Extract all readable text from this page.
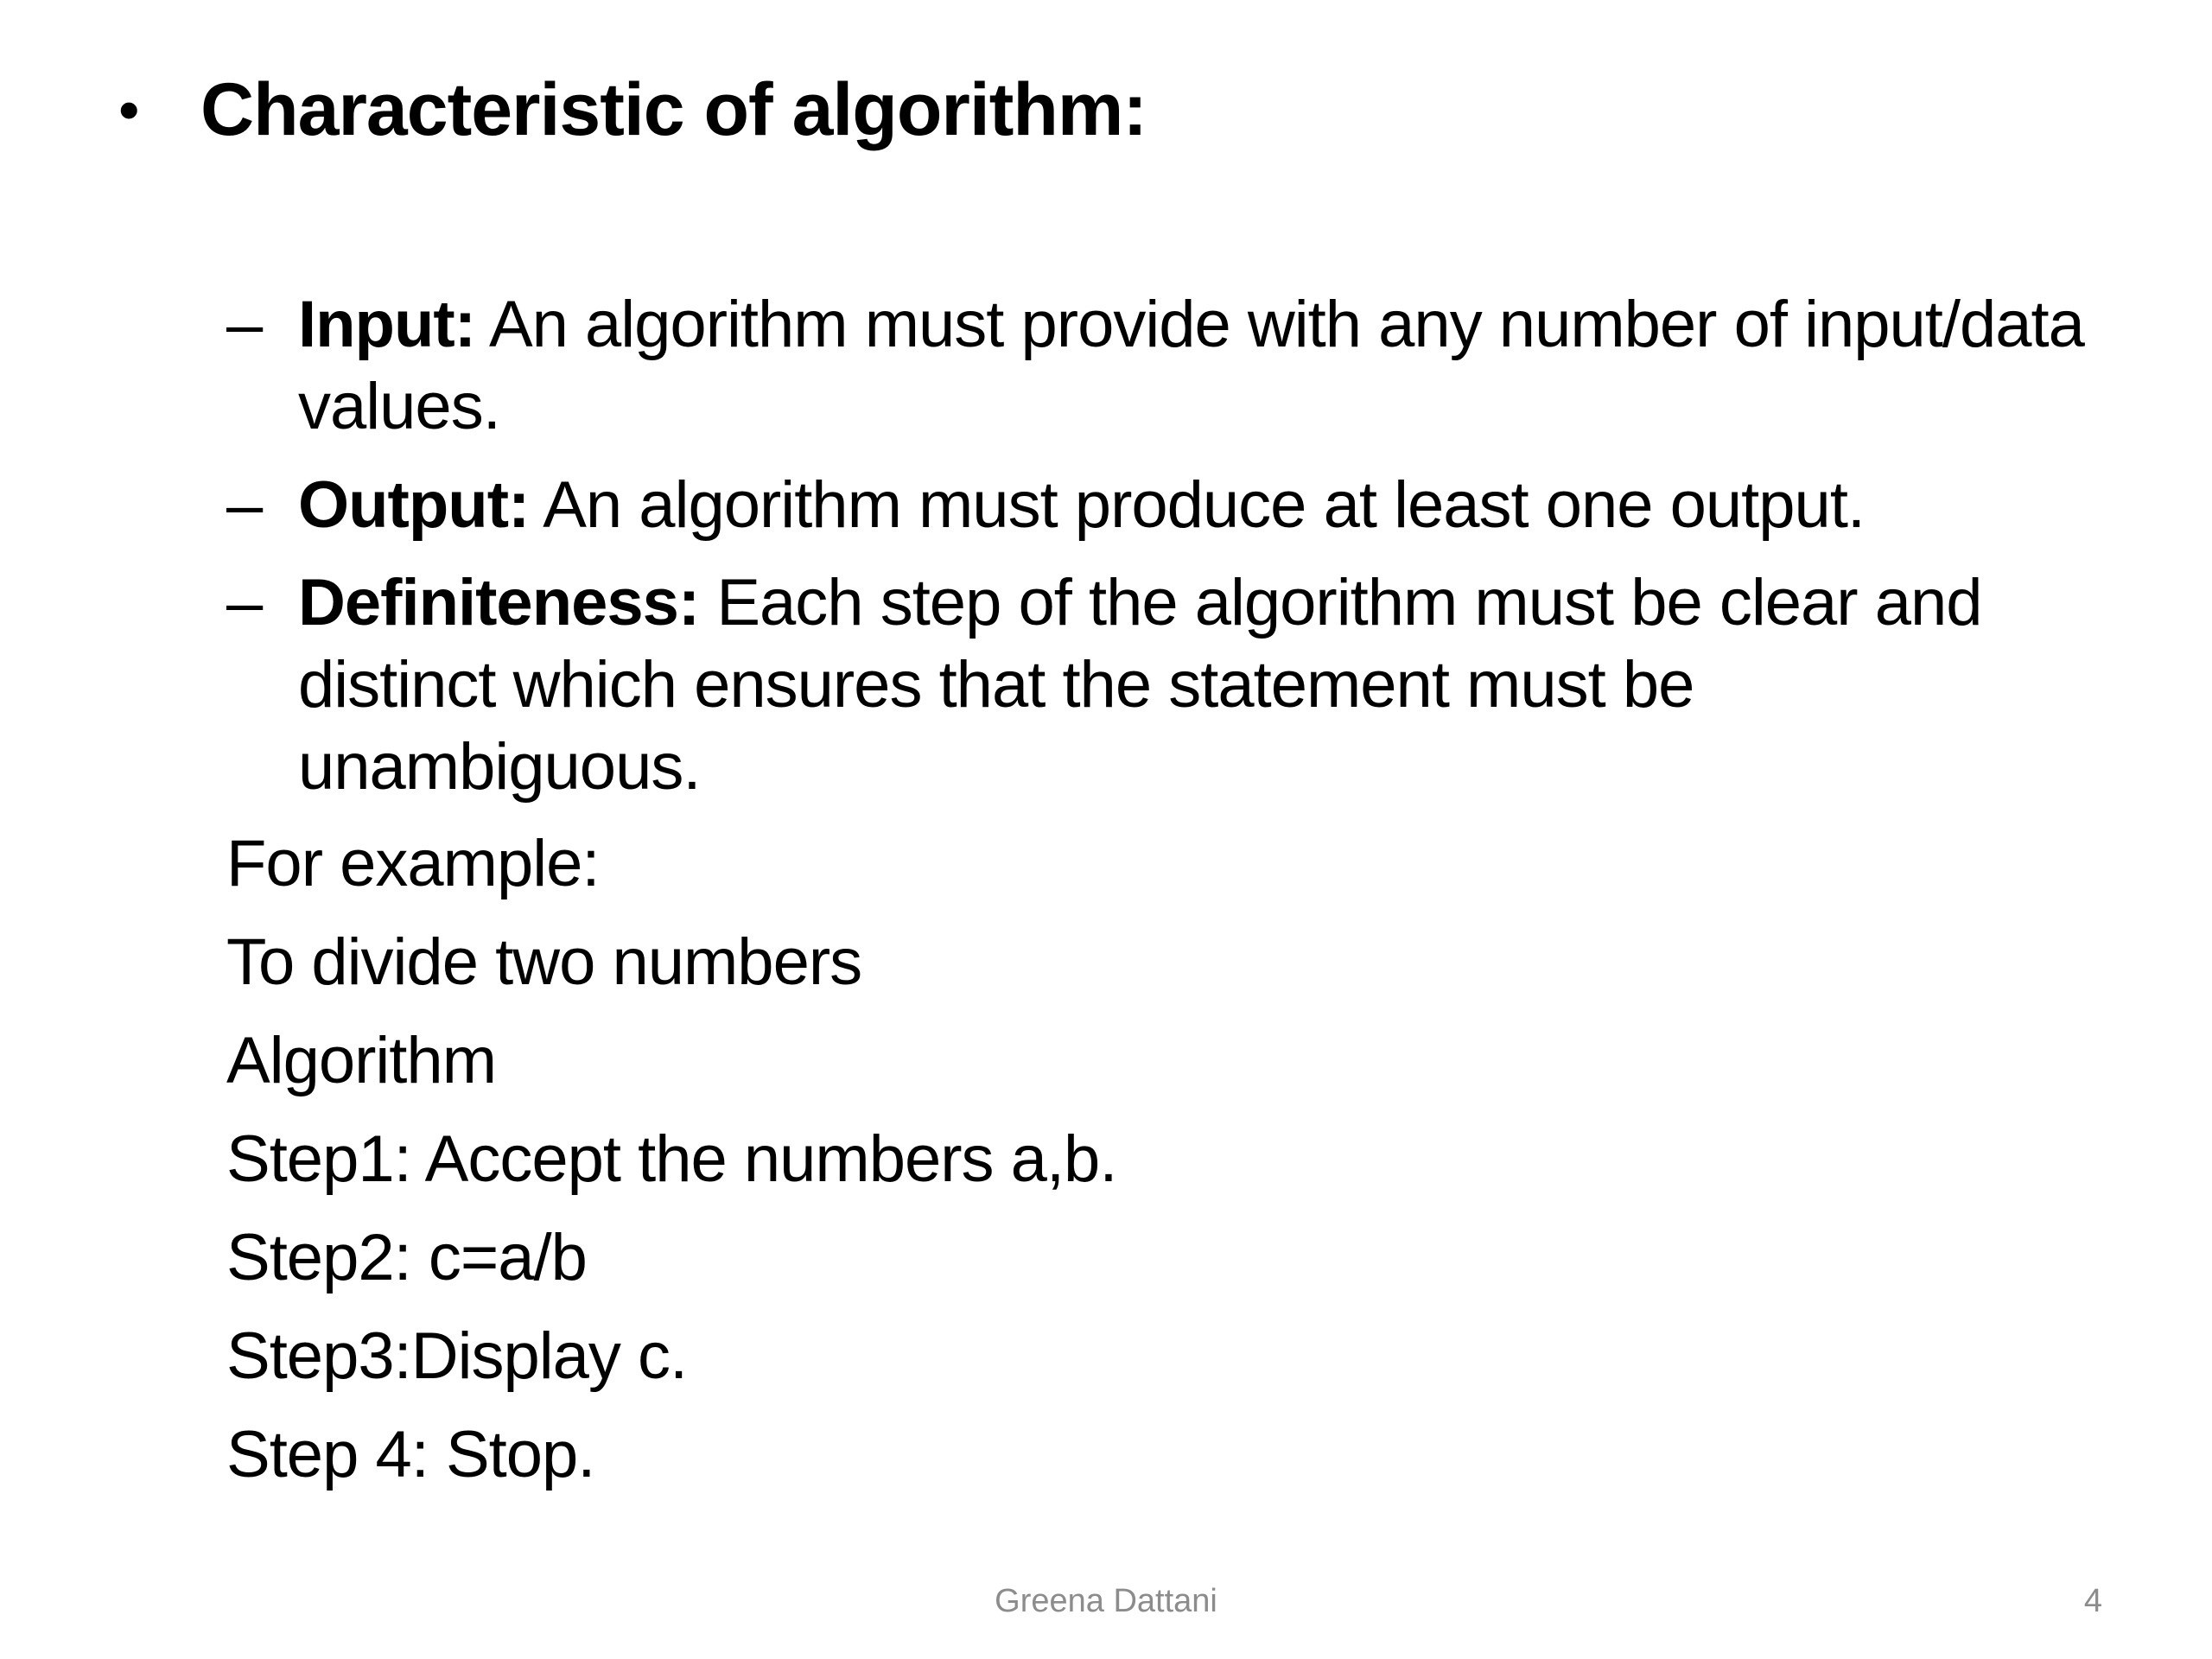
• Characteristic of algorithm:
– Input: An algorithm must provide with any number of input/data values.
– Output: An algorithm must produce at least one output.
– Definiteness: Each step of the algorithm must be clear and distinct which ensures that the statement must be unambiguous.
For example:
To divide two numbers
Algorithm
Step1: Accept the numbers a,b.
Step2: c=a/b
Step3:Display c.
Step 4: Stop.
Greena Dattani	4
